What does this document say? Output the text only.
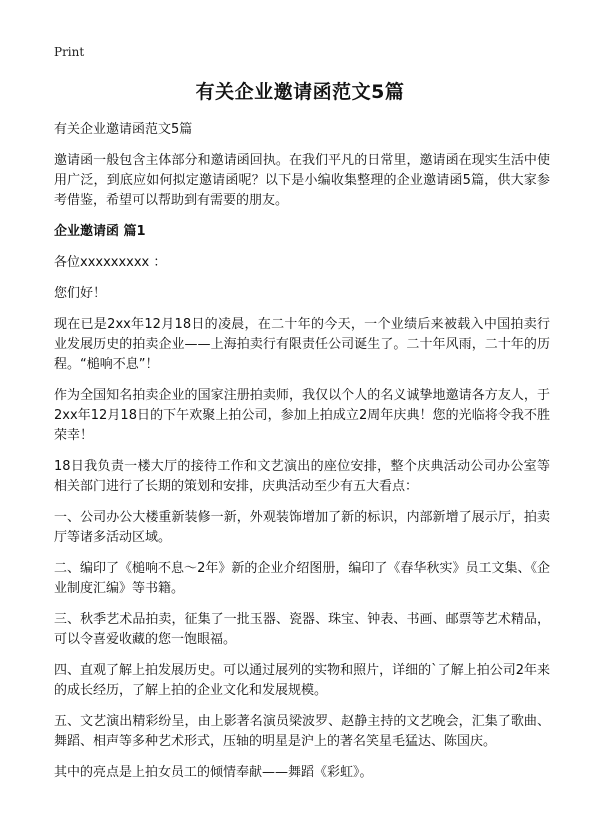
Print
有关企业邀请函范文5篇

有关企业邀请函范文5篇

邀请函一般包含主体部分和邀请函回执。在我们平凡的日常里，邀请函在现实生活中使用广泛，到底应如何拟定邀请函呢？以下是小编收集整理的企业邀请函5篇，供大家参考借鉴，希望可以帮助到有需要的朋友。

企业邀请函 篇1

各位xxxxxxxxx ：

您们好！

现在已是2xx年12月18日的凌晨，在二十年的今天，一个业绩后来被载入中国拍卖行业发展历史的拍卖企业——上海拍卖行有限责任公司诞生了。二十年风雨，二十年的历程。“槌响不息”！

作为全国知名拍卖企业的国家注册拍卖师，我仅以个人的名义诚挚地邀请各方友人，于2xx年12月18日的下午欢聚上拍公司，参加上拍成立2周年庆典！您的光临将令我不胜荣幸！

18日我负责一楼大厅的接待工作和文艺演出的座位安排，整个庆典活动公司办公室等相关部门进行了长期的策划和安排，庆典活动至少有五大看点：

一、公司办公大楼重新装修一新，外观装饰增加了新的标识，内部新增了展示厅，拍卖厅等诸多活动区域。

二、编印了《槌响不息～2年》新的企业介绍图册，编印了《春华秋实》员工文集、《企业制度汇编》等书籍。

三、秋季艺术品拍卖，征集了一批玉器、瓷器、珠宝、钟表、书画、邮票等艺术精品，可以令喜爱收藏的您一饱眼福。

四、直观了解上拍发展历史。可以通过展列的实物和照片，详细的`了解上拍公司2年来的成长经历，了解上拍的企业文化和发展规模。

五、文艺演出精彩纷呈，由上影著名演员梁波罗、赵静主持的文艺晚会，汇集了歌曲、舞蹈、相声等多种艺术形式，压轴的明星是沪上的著名笑星毛猛达、陈国庆。

其中的亮点是上拍女员工的倾情奉献——舞蹈《彩虹》。
